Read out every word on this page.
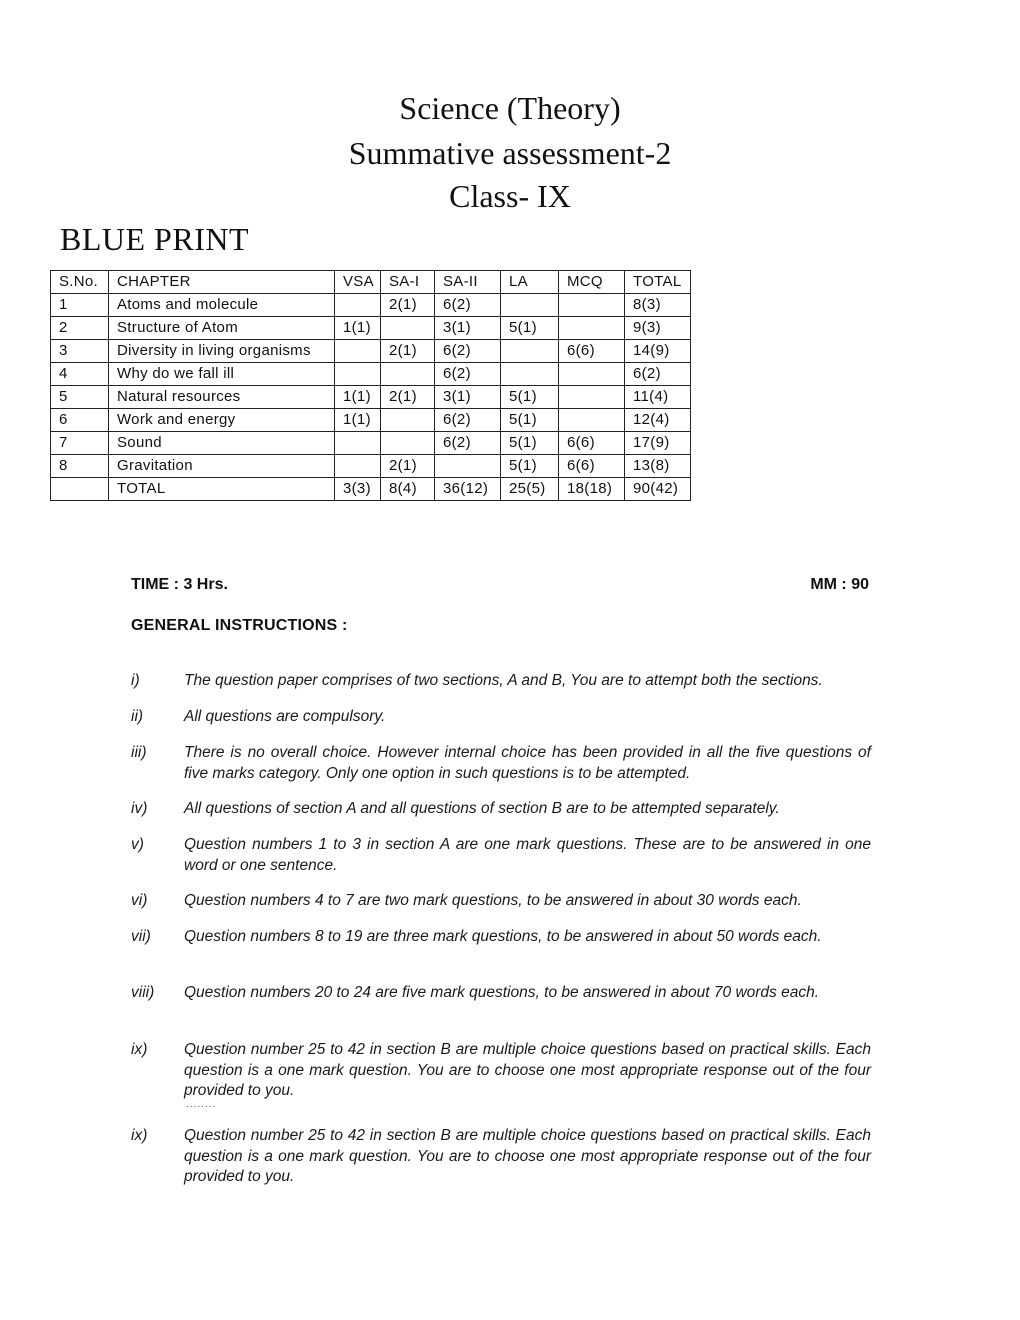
Science (Theory)
Summative assessment-2
Class- IX
BLUE PRINT
S.No.	CHAPTER	VSA	SA-I	SA-II	LA	MCQ	TOTAL
1	Atoms and molecule		2(1)	6(2)			8(3)
2	Structure of Atom	1(1)		3(1)	5(1)		9(3)
3	Diversity in living organisms		2(1)	6(2)		6(6)	14(9)
4	Why do we fall ill			6(2)			6(2)
5	Natural resources	1(1)	2(1)	3(1)	5(1)		11(4)
6	Work and energy	1(1)		6(2)	5(1)		12(4)
7	Sound			6(2)	5(1)	6(6)	17(9)
8	Gravitation		2(1)		5(1)	6(6)	13(8)
	TOTAL	3(3)	8(4)	36(12)	25(5)	18(18)	90(42)
TIME : 3 Hrs.	MM : 90
GENERAL INSTRUCTIONS :
i)	The question paper comprises of two sections, A and B, You are to attempt both the sections.
ii)	All questions are compulsory.
iii)	There is no overall choice. However internal choice has been provided in all the five questions of five marks category. Only one option in such questions is to be attempted.
iv)	All questions of section A and all questions of section B are to be attempted separately.
v)	Question numbers 1 to 3 in section A are one mark questions. These are to be answered in one word or one sentence.
vi)	Question numbers 4 to 7 are two mark questions, to be answered in about 30 words each.
vii)	Question numbers 8 to 19 are three mark questions, to be answered in about 50 words each.
viii)	Question numbers 20 to 24 are five mark questions, to be answered in about 70 words each.
ix)	Question number 25 to 42 in section B are multiple choice questions based on practical skills. Each question is a one mark question. You are to choose one most appropriate response out of the four provided to you.
ix)	Question number 25 to 42 in section B are multiple choice questions based on practical skills. Each question is a one mark question. You are to choose one most appropriate response out of the four provided to you.
........
